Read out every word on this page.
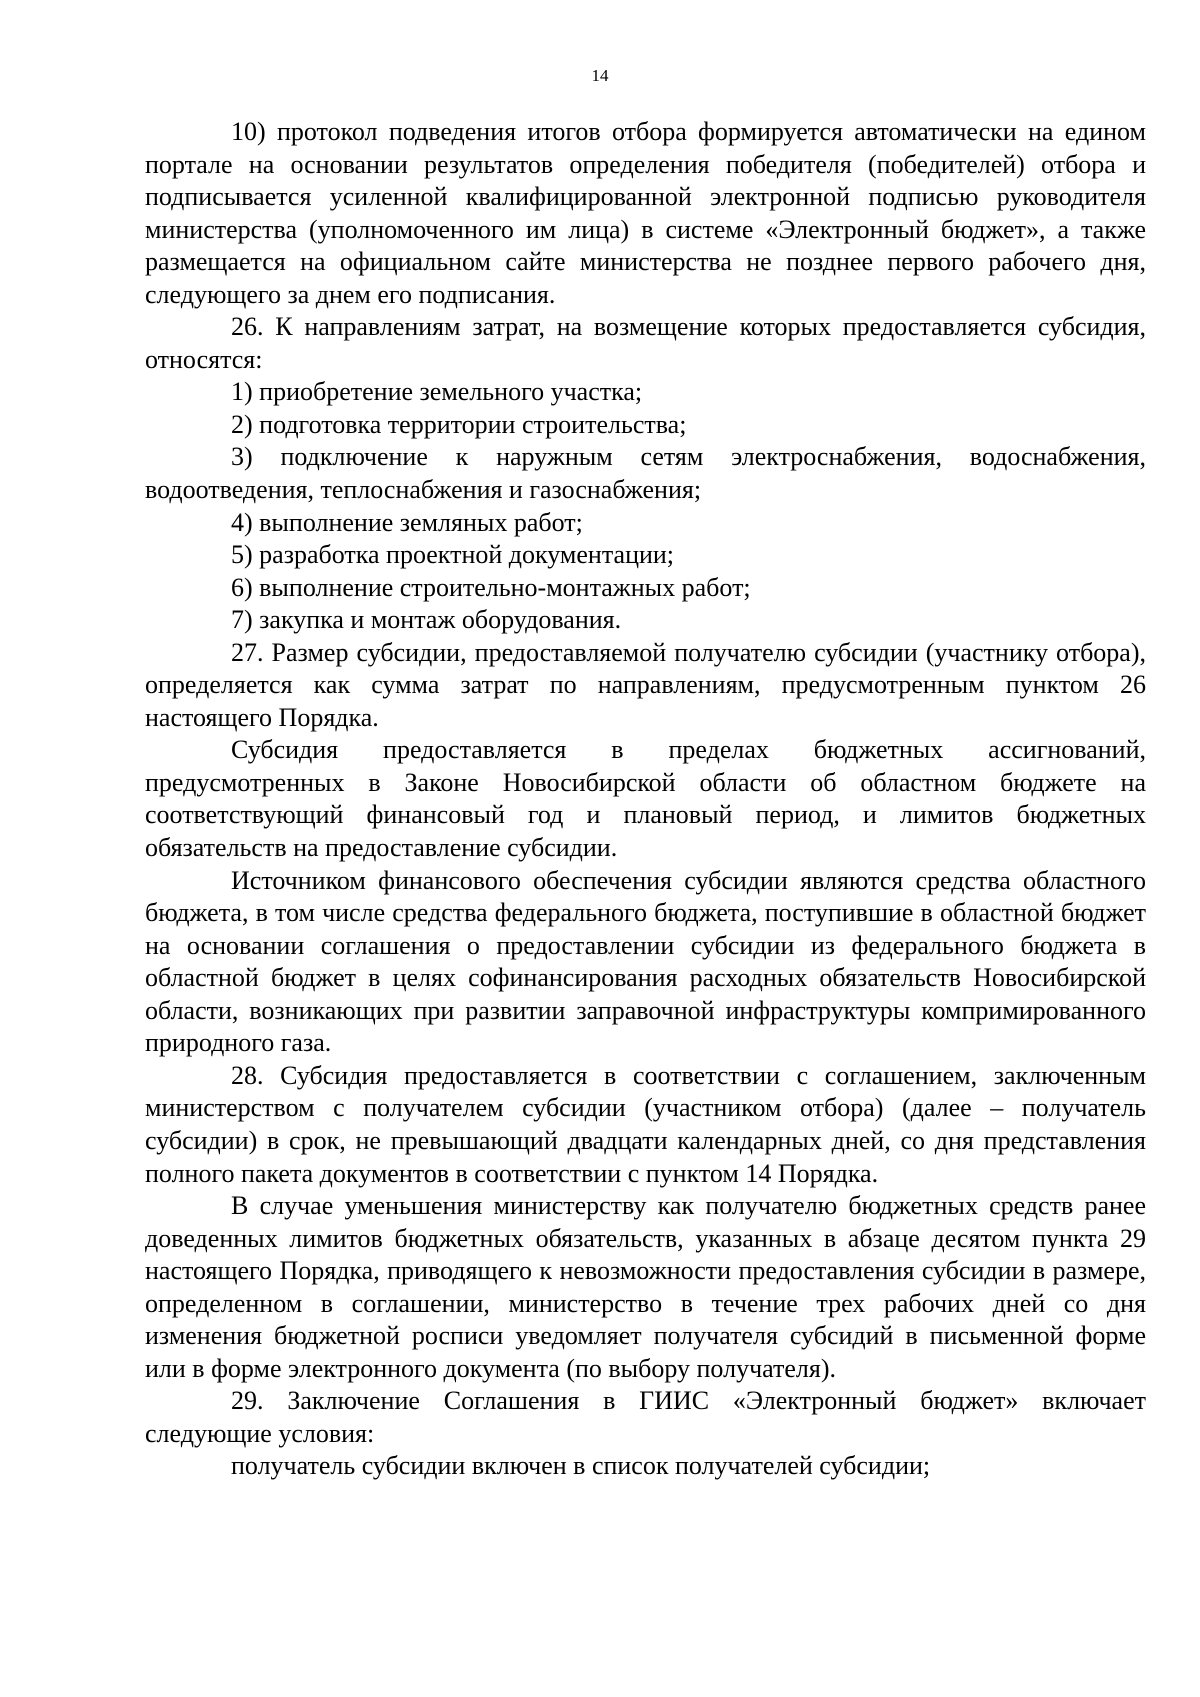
14

10) протокол подведения итогов отбора формируется автоматически на едином портале на основании результатов определения победителя (победителей) отбора и подписывается усиленной квалифицированной электронной подписью руководителя министерства (уполномоченного им лица) в системе «Электронный бюджет», а также размещается на официальном сайте министерства не позднее первого рабочего дня, следующего за днем его подписания.

26. К направлениям затрат, на возмещение которых предоставляется субсидия, относятся:

1) приобретение земельного участка;

2) подготовка территории строительства;

3) подключение к наружным сетям электроснабжения, водоснабжения, водоотведения, теплоснабжения и газоснабжения;

4) выполнение земляных работ;

5) разработка проектной документации;

6) выполнение строительно-монтажных работ;

7) закупка и монтаж оборудования.

27. Размер субсидии, предоставляемой получателю субсидии (участнику отбора), определяется как сумма затрат по направлениям, предусмотренным пунктом 26 настоящего Порядка.

Субсидия предоставляется в пределах бюджетных ассигнований, предусмотренных в Законе Новосибирской области об областном бюджете на соответствующий финансовый год и плановый период, и лимитов бюджетных обязательств на предоставление субсидии.

Источником финансового обеспечения субсидии являются средства областного бюджета, в том числе средства федерального бюджета, поступившие в областной бюджет на основании соглашения о предоставлении субсидии из федерального бюджета в областной бюджет в целях софинансирования расходных обязательств Новосибирской области, возникающих при развитии заправочной инфраструктуры компримированного природного газа.

28. Субсидия предоставляется в соответствии с соглашением, заключенным министерством с получателем субсидии (участником отбора) (далее – получатель субсидии) в срок, не превышающий двадцати календарных дней, со дня представления полного пакета документов в соответствии с пунктом 14 Порядка.

В случае уменьшения министерству как получателю бюджетных средств ранее доведенных лимитов бюджетных обязательств, указанных в абзаце десятом пункта 29 настоящего Порядка, приводящего к невозможности предоставления субсидии в размере, определенном в соглашении, министерство в течение трех рабочих дней со дня изменения бюджетной росписи уведомляет получателя субсидий в письменной форме или в форме электронного документа (по выбору получателя).

29. Заключение Соглашения в ГИИС «Электронный бюджет» включает следующие условия:

получатель субсидии включен в список получателей субсидии;
